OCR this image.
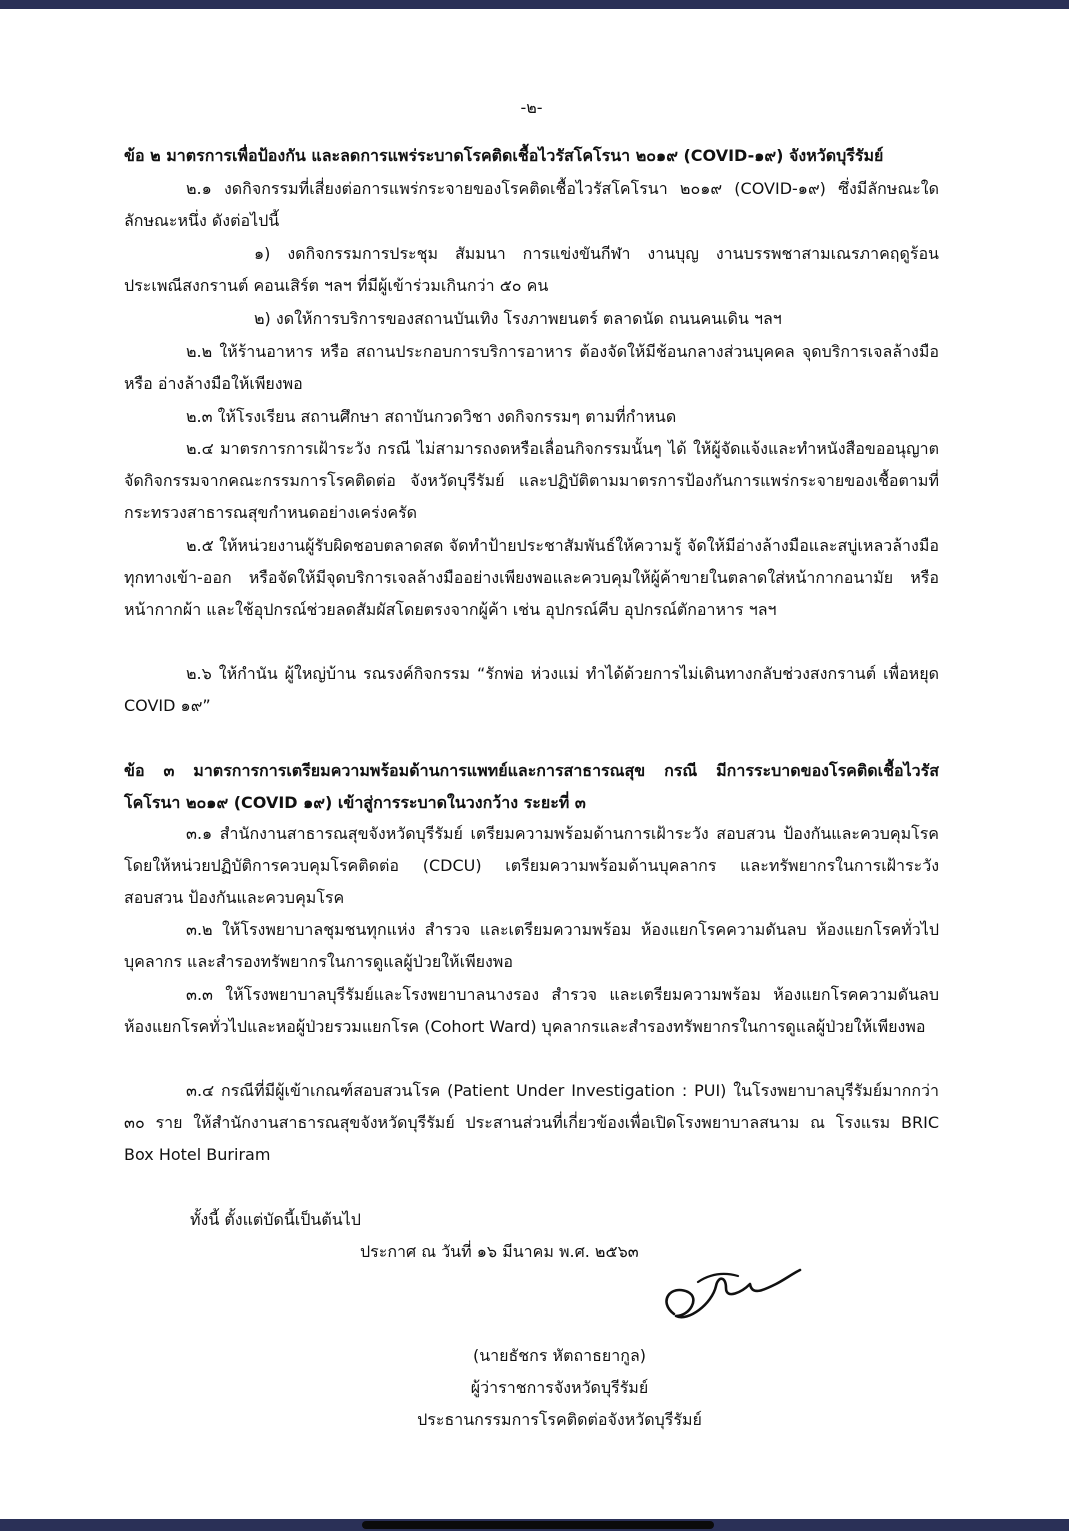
-๒-

ข้อ ๒ มาตรการเพื่อป้องกัน และลดการแพร่ระบาดโรคติดเชื้อไวรัสโคโรนา ๒๐๑๙ (COVID-๑๙) จังหวัดบุรีรัมย์

๒.๑ งดกิจกรรมที่เสี่ยงต่อการแพร่กระจายของโรคติดเชื้อไวรัสโคโรนา ๒๐๑๙ (COVID-๑๙) ซึ่งมีลักษณะใดลักษณะหนึ่ง ดังต่อไปนี้

๑) งดกิจกรรมการประชุม สัมมนา การแข่งขันกีฬา งานบุญ งานบรรพชาสามเณรภาคฤดูร้อน ประเพณีสงกรานต์ คอนเสิร์ต ฯลฯ ที่มีผู้เข้าร่วมเกินกว่า ๕๐ คน

๒) งดให้การบริการของสถานบันเทิง โรงภาพยนตร์ ตลาดนัด ถนนคนเดิน ฯลฯ

๒.๒ ให้ร้านอาหาร หรือ สถานประกอบการบริการอาหาร ต้องจัดให้มีช้อนกลางส่วนบุคคล จุดบริการเจลล้างมือ หรือ อ่างล้างมือให้เพียงพอ

๒.๓ ให้โรงเรียน สถานศึกษา สถาบันกวดวิชา งดกิจกรรมๆ ตามที่กำหนด

๒.๔ มาตรการการเฝ้าระวัง กรณี ไม่สามารถงดหรือเลื่อนกิจกรรมนั้นๆ ได้ ให้ผู้จัดแจ้งและทำหนังสือขออนุญาตจัดกิจกรรมจากคณะกรรมการโรคติดต่อ จังหวัดบุรีรัมย์ และปฏิบัติตามมาตรการป้องกันการแพร่กระจายของเชื้อตามที่กระทรวงสาธารณสุขกำหนดอย่างเคร่งครัด

๒.๕ ให้หน่วยงานผู้รับผิดชอบตลาดสด จัดทำป้ายประชาสัมพันธ์ให้ความรู้ จัดให้มีอ่างล้างมือและสบู่เหลวล้างมือทุกทางเข้า-ออก หรือจัดให้มีจุดบริการเจลล้างมืออย่างเพียงพอและควบคุมให้ผู้ค้าขายในตลาดใส่หน้ากากอนามัย หรือหน้ากากผ้า และใช้อุปกรณ์ช่วยลดสัมผัสโดยตรงจากผู้ค้า เช่น อุปกรณ์คีบ อุปกรณ์ตักอาหาร ฯลฯ

๒.๖ ให้กำนัน ผู้ใหญ่บ้าน รณรงค์กิจกรรม “รักพ่อ ห่วงแม่ ทำได้ด้วยการไม่เดินทางกลับช่วงสงกรานต์ เพื่อหยุด COVID ๑๙”

ข้อ ๓ มาตรการการเตรียมความพร้อมด้านการแพทย์และการสาธารณสุข กรณี มีการระบาดของโรคติดเชื้อไวรัสโคโรนา ๒๐๑๙ (COVID ๑๙) เข้าสู่การระบาดในวงกว้าง ระยะที่ ๓

๓.๑ สำนักงานสาธารณสุขจังหวัดบุรีรัมย์ เตรียมความพร้อมด้านการเฝ้าระวัง สอบสวน ป้องกันและควบคุมโรค โดยให้หน่วยปฏิบัติการควบคุมโรคติดต่อ (CDCU) เตรียมความพร้อมด้านบุคลากร และทรัพยากรในการเฝ้าระวัง สอบสวน ป้องกันและควบคุมโรค

๓.๒ ให้โรงพยาบาลชุมชนทุกแห่ง สำรวจ และเตรียมความพร้อม ห้องแยกโรคความดันลบ ห้องแยกโรคทั่วไป บุคลากร และสำรองทรัพยากรในการดูแลผู้ป่วยให้เพียงพอ

๓.๓ ให้โรงพยาบาลบุรีรัมย์และโรงพยาบาลนางรอง สำรวจ และเตรียมความพร้อม ห้องแยกโรคความดันลบ ห้องแยกโรคทั่วไปและหอผู้ป่วยรวมแยกโรค (Cohort Ward) บุคลากรและสำรองทรัพยากรในการดูแลผู้ป่วยให้เพียงพอ

๓.๔ กรณีที่มีผู้เข้าเกณฑ์สอบสวนโรค (Patient Under Investigation : PUI) ในโรงพยาบาลบุรีรัมย์มากกว่า ๓๐ ราย ให้สำนักงานสาธารณสุขจังหวัดบุรีรัมย์ ประสานส่วนที่เกี่ยวข้องเพื่อเปิดโรงพยาบาลสนาม ณ โรงแรม BRIC Box Hotel Buriram

ทั้งนี้ ตั้งแต่บัดนี้เป็นต้นไป

ประกาศ ณ วันที่ ๑๖ มีนาคม พ.ศ. ๒๕๖๓

(นายธัชกร หัตถาธยากูล)

ผู้ว่าราชการจังหวัดบุรีรัมย์

ประธานกรรมการโรคติดต่อจังหวัดบุรีรัมย์
